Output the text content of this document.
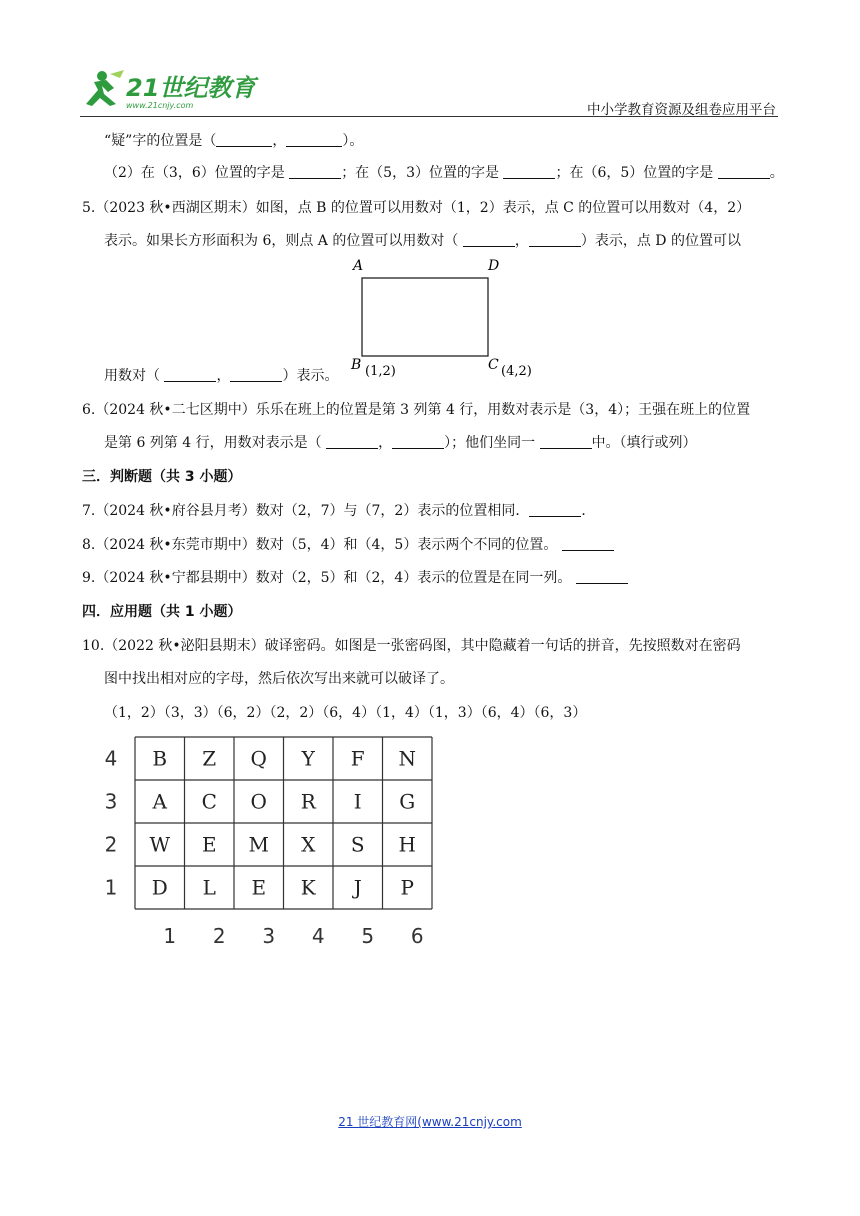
21世纪教育
www.21cnjy.com	中小学教育资源及组卷应用平台
“疑”字的位置是（	，	）。
（2）在（3，6）位置的字是	；在（5，3）位置的字是	；在（6，5）位置的字是	。
5.（2023 秋•西湖区期末）如图，点 B 的位置可以用数对（1，2）表示，点 C 的位置可以用数对（4，2）
表示。如果长方形面积为 6，则点 A 的位置可以用数对（	，	）表示，点 D 的位置可以
A	D
B	C
(1,2)	(4,2)
用数对（	，	）表示。
6.（2024 秋•二七区期中）乐乐在班上的位置是第 3 列第 4 行，用数对表示是（3，4）；王强在班上的位置
是第 6 列第 4 行，用数对表示是（	，	）；他们坐同一	中。（填行或列）
三．判断题（共 3 小题）
7.（2024 秋•府谷县月考）数对（2，7）与（7，2）表示的位置相同．	．
8.（2024 秋•东莞市期中）数对（5，4）和（4，5）表示两个不同的位置。
9.（2024 秋•宁都县期中）数对（2，5）和（2，4）表示的位置是在同一列。
四．应用题（共 1 小题）
10.（2022 秋•泌阳县期末）破译密码。如图是一张密码图，其中隐藏着一句话的拼音，先按照数对在密码
图中找出相对应的字母，然后依次写出来就可以破译了。
（1，2）（3，3）（6，2）（2，2）（6，4）（1，4）（1，3）（6，4）（6，3）
B Z Q Y F N
A C O R I G
W E M X S H
D L E K J P
4
3
2
1
1 2 3 4 5 6
21 世纪教育网(www.21cnjy.com
